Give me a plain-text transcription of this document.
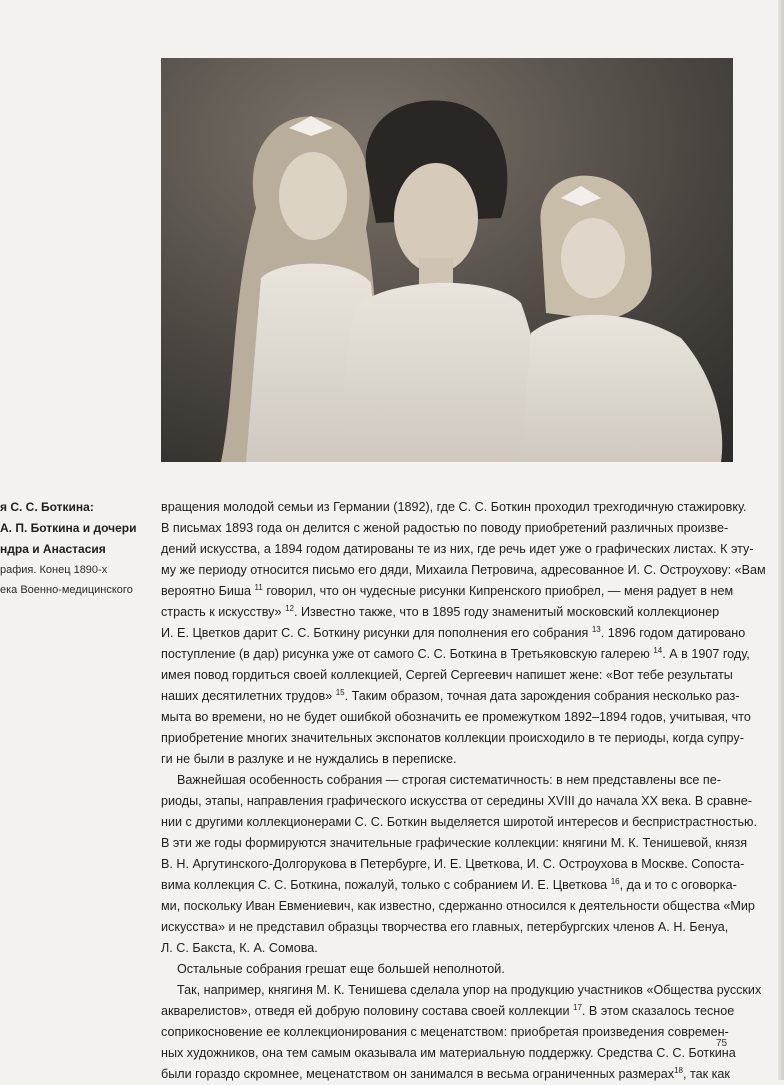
я С. С. Боткина:
А. П. Боткина и дочери
ндра и Анастасия
рафия. Конец 1890-х
ека Военно-медицинского
вращения молодой семьи из Германии (1892), где С. С. Боткин проходил трехгодичную стажировку.
В письмах 1893 года он делится с женой радостью по поводу приобретений различных произве-
дений искусства, а 1894 годом датированы те из них, где речь идет уже о графических листах. К эту-
му же периоду относится письмо его дяди, Михаила Петровича, адресованное И. С. Остроухову: «Вам
вероятно Биша $^{11}$ говорил, что он чудесные рисунки Кипренского приобрел, — меня радует в нем
страсть к искусству» $^{12}$. Известно также, что в 1895 году знаменитый московский коллекционер
И. Е. Цветков дарит С. С. Боткину рисунки для пополнения его собрания $^{13}$. 1896 годом датировано
поступление (в дар) рисунка уже от самого С. С. Боткина в Третьяковскую галерею $^{14}$. А в 1907 году,
имея повод гордиться своей коллекцией, Сергей Сергеевич напишет жене: «Вот тебе результаты
наших десятилетних трудов» $^{15}$. Таким образом, точная дата зарождения собрания несколько раз-
мыта во времени, но не будет ошибкой обозначить ее промежутком 1892–1894 годов, учитывая, что
приобретение многих значительных экспонатов коллекции происходило в те периоды, когда супру-
ги не были в разлуке и не нуждались в переписке.
Важнейшая особенность собрания — строгая систематичность: в нем представлены все пе-
риоды, этапы, направления графического искусства от середины XVIII до начала XX века. В сравне-
нии с другими коллекционерами С. С. Боткин выделяется широтой интересов и беспристрастностью.
В эти же годы формируются значительные графические коллекции: княгини М. К. Тенишевой, князя
В. Н. Аргутинского-Долгорукова в Петербурге, И. Е. Цветкова, И. С. Остроухова в Москве. Сопоста-
вима коллекция С. С. Боткина, пожалуй, только с собранием И. Е. Цветкова $^{16}$, да и то с оговорка-
ми, поскольку Иван Евмениевич, как известно, сдержанно относился к деятельности общества «Мир
искусства» и не представил образцы творчества его главных, петербургских членов А. Н. Бенуа,
Л. С. Бакста, К. А. Сомова.
Остальные собрания грешат еще большей неполнотой.
Так, например, княгиня М. К. Тенишева сделала упор на продукцию участников «Общества русских
акварелистов», отведя ей добрую половину состава своей коллекции $^{17}$. В этом сказалось тесное
соприкосновение ее коллекционирования с меценатством: приобретая произведения современ-
ных художников, она тем самым оказывала им материальную поддержку. Средства С. С. Боткина
были гораздо скромнее, меценатством он занимался в весьма ограниченных размерах$^{18}$, так как
75
